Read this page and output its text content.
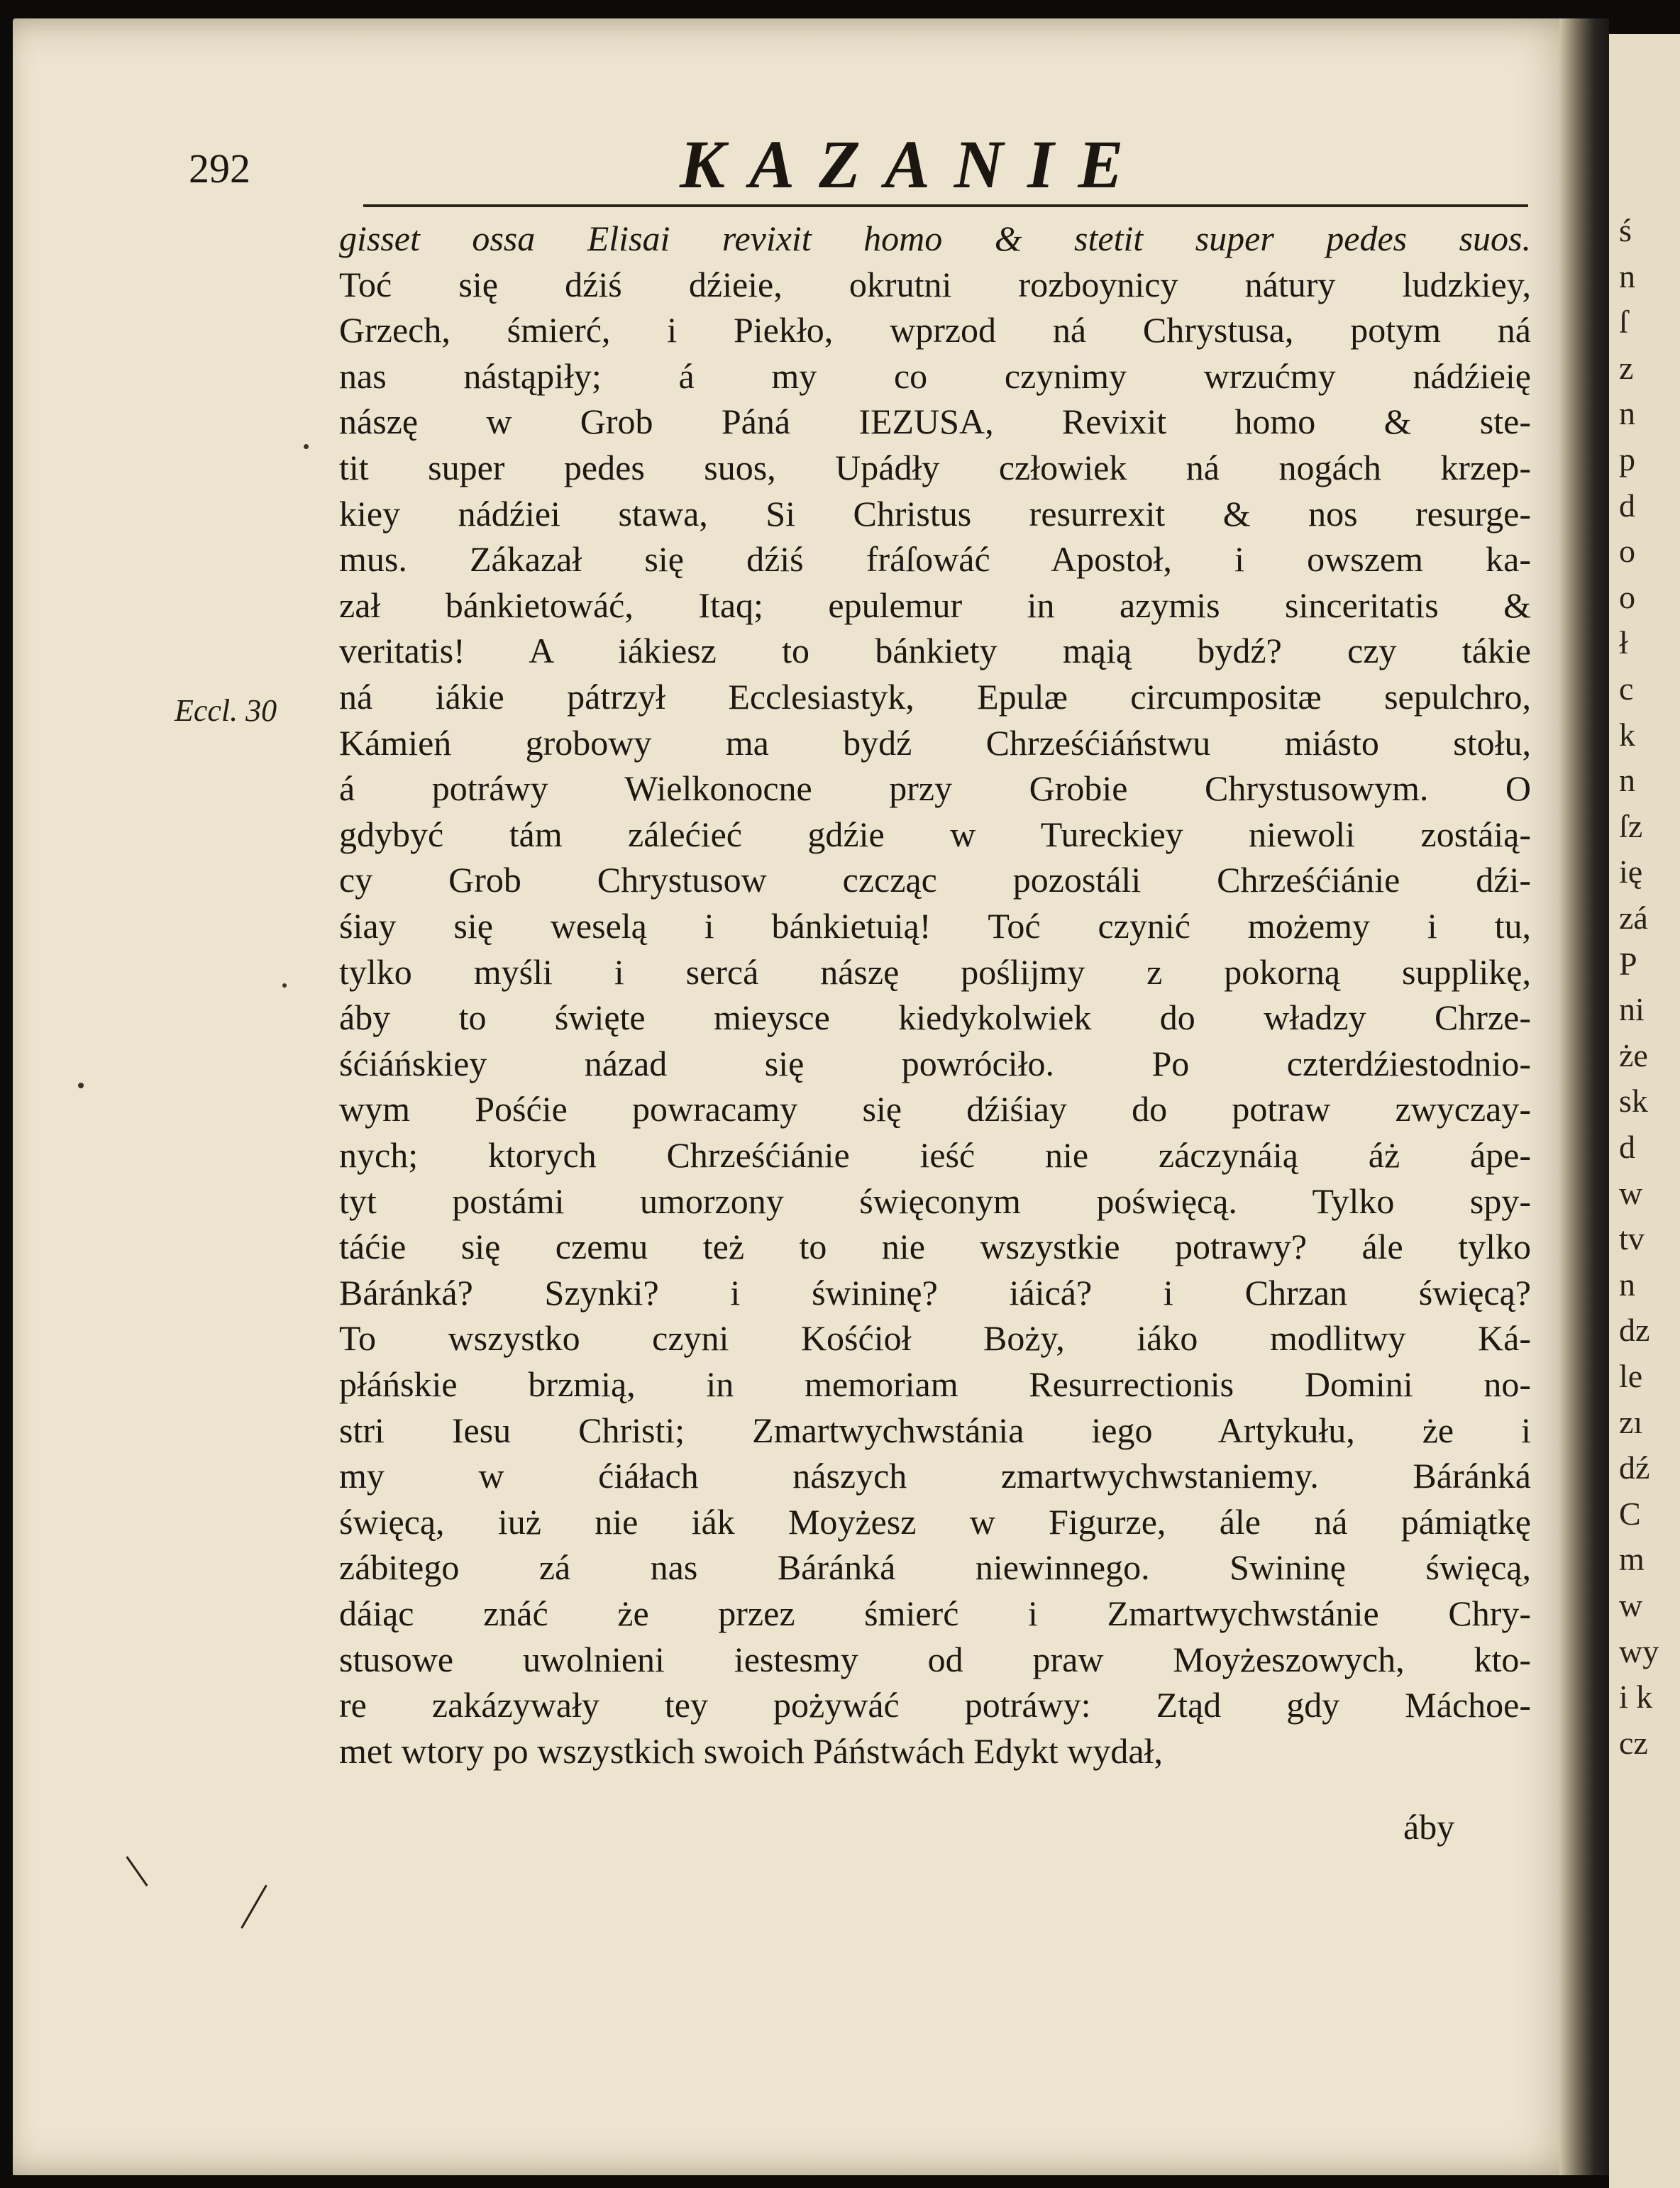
292	KAZANIE
Eccl. 30
gisset ossa Elisai revixit homo & stetit super pedes suos.
Toć się dźiś dźieie, okrutni rozboynicy nátury ludzkiey,
Grzech, śmierć, i Piekło, wprzod ná Chrystusa, potym ná
nas nástąpiły; á my co czynimy wrzućmy nádźieię
nászę w Grob Páná IEZUSA, Revixit homo & ste-
tit super pedes suos, Upádły człowiek ná nogách krzep-
kiey nádźiei stawa, Si Christus resurrexit & nos resurge-
mus. Zákazał się dźiś fráſowáć Apostoł, i owszem ka-
zał bánkietowáć, Itaq; epulemur in azymis sinceritatis &
veritatis! A iákiesz to bánkiety mąią bydź? czy tákie
ná iákie pátrzył Ecclesiastyk, Epulæ circumpositæ sepulchro,
Kámień grobowy ma bydź Chrześćiáństwu miásto stołu,
á potráwy Wielkonocne przy Grobie Chrystusowym. O
gdybyć tám zálećieć gdźie w Tureckiey niewoli zostáią-
cy Grob Chrystusow czcząc pozostáli Chrześćiánie dźi-
śiay się weselą i bánkietuią! Toć czynić możemy i tu,
tylko myśli i sercá nászę poślijmy z pokorną supplikę,
áby to święte mieysce kiedykolwiek do władzy Chrze-
śćiáńskiey názad się powróciło. Po czterdźiestodnio-
wym Pośćie powracamy się dźiśiay do potraw zwyczay-
nych; ktorych Chrześćiánie ieść nie záczynáią áż ápe-
tyt postámi umorzony święconym poświęcą. Tylko spy-
táćie się czemu też to nie wszystkie potrawy? ále tylko
Báránká? Szynki? i świninę? iáicá? i Chrzan święcą?
To wszystko czyni Kośćioł Boży, iáko modlitwy Ká-
płáńskie brzmią, in memoriam Resurrectionis Domini no-
stri Iesu Christi; Zmartwychwstánia iego Artykułu, że i
my w ćiáłach nászych zmartwychwstaniemy. Báránká
święcą, iuż nie iák Moyżesz w Figurze, ále ná pámiątkę
zábitego zá nas Báránká niewinnego. Swininę święcą,
dáiąc znáć że przez śmierć i Zmartwychwstánie Chry-
stusowe uwolnieni iestesmy od praw Moyżeszowych, kto-
re zakázywały tey pożywáć potráwy: Ztąd gdy Máchoe-
met wtory po wszystkich swoich Páństwách Edykt wydał,
áby
ś
n
ſ
z
n
p
d
o
o
ł
c
k
n
ſz
ię
zá
P
ni
że
sk
d
w
tv
n
dz
le
zı
dź
C
m
w
wy
i k
cz
